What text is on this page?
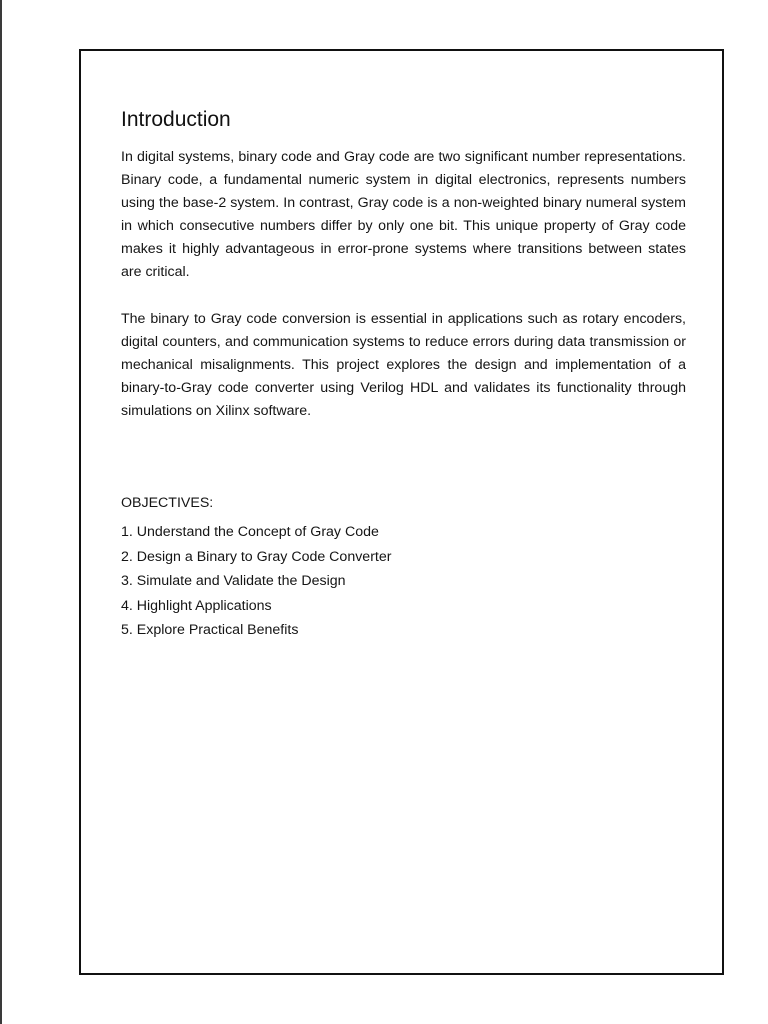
Introduction

In digital systems, binary code and Gray code are two significant number representations. Binary code, a fundamental numeric system in digital electronics, represents numbers using the base-2 system. In contrast, Gray code is a non-weighted binary numeral system in which consecutive numbers differ by only one bit. This unique property of Gray code makes it highly advantageous in error-prone systems where transitions between states are critical.

The binary to Gray code conversion is essential in applications such as rotary encoders, digital counters, and communication systems to reduce errors during data transmission or mechanical misalignments. This project explores the design and implementation of a binary-to-Gray code converter using Verilog HDL and validates its functionality through simulations on Xilinx software.

OBJECTIVES:
1. Understand the Concept of Gray Code
2. Design a Binary to Gray Code Converter
3. Simulate and Validate the Design
4. Highlight Applications
5. Explore Practical Benefits
